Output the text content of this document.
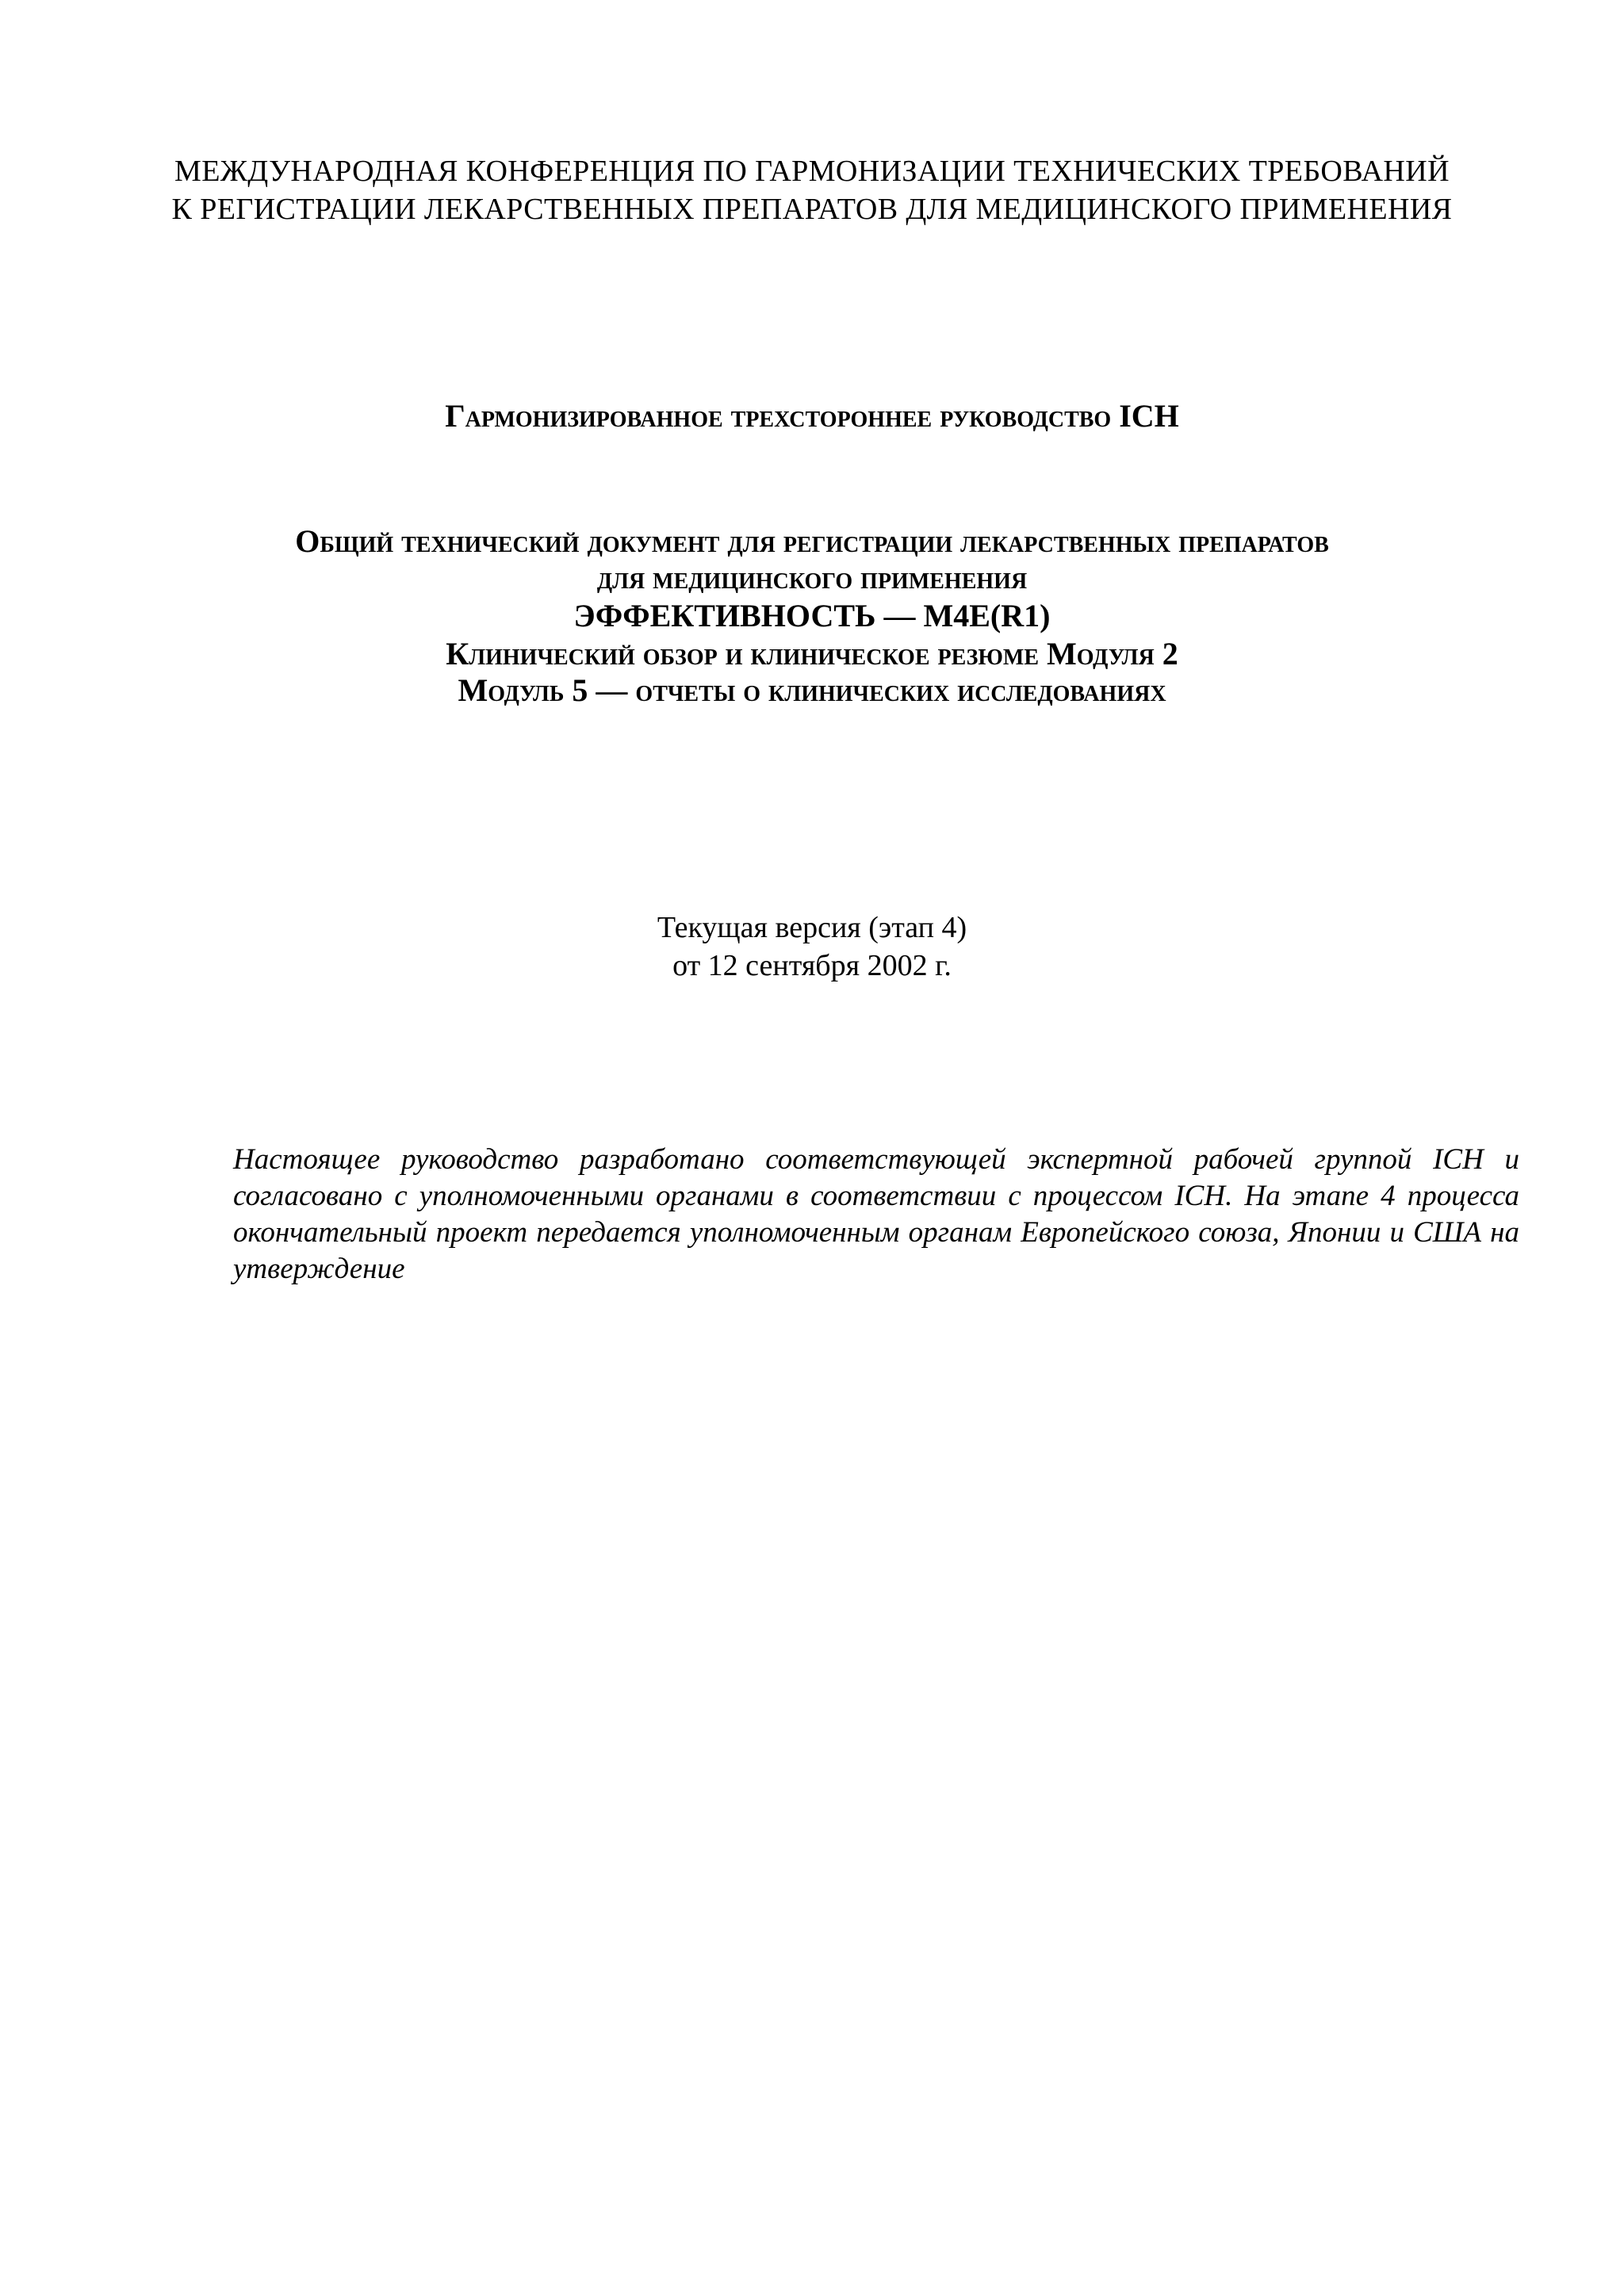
МЕЖДУНАРОДНАЯ КОНФЕРЕНЦИЯ ПО ГАРМОНИЗАЦИИ ТЕХНИЧЕСКИХ ТРЕБОВАНИЙ
К РЕГИСТРАЦИИ ЛЕКАРСТВЕННЫХ ПРЕПАРАТОВ ДЛЯ МЕДИЦИНСКОГО ПРИМЕНЕНИЯ
Гармонизированное трехстороннее руководство ICH
Общий технический документ для регистрации лекарственных препаратов
для медицинского применения
ЭФФЕКТИВНОСТЬ — M4E(R1)
Клинический обзор и клиническое резюме Модуля 2
Модуль 5 — отчеты о клинических исследованиях
Текущая версия (этап 4)
от 12 сентября 2002 г.
Настоящее руководство разработано соответствующей экспертной рабочей группой ICH и согласовано с уполномоченными органами в соответствии с процессом ICH. На этапе 4 процесса окончательный проект передается уполномоченным органам Европейского союза, Японии и США на утверждение
